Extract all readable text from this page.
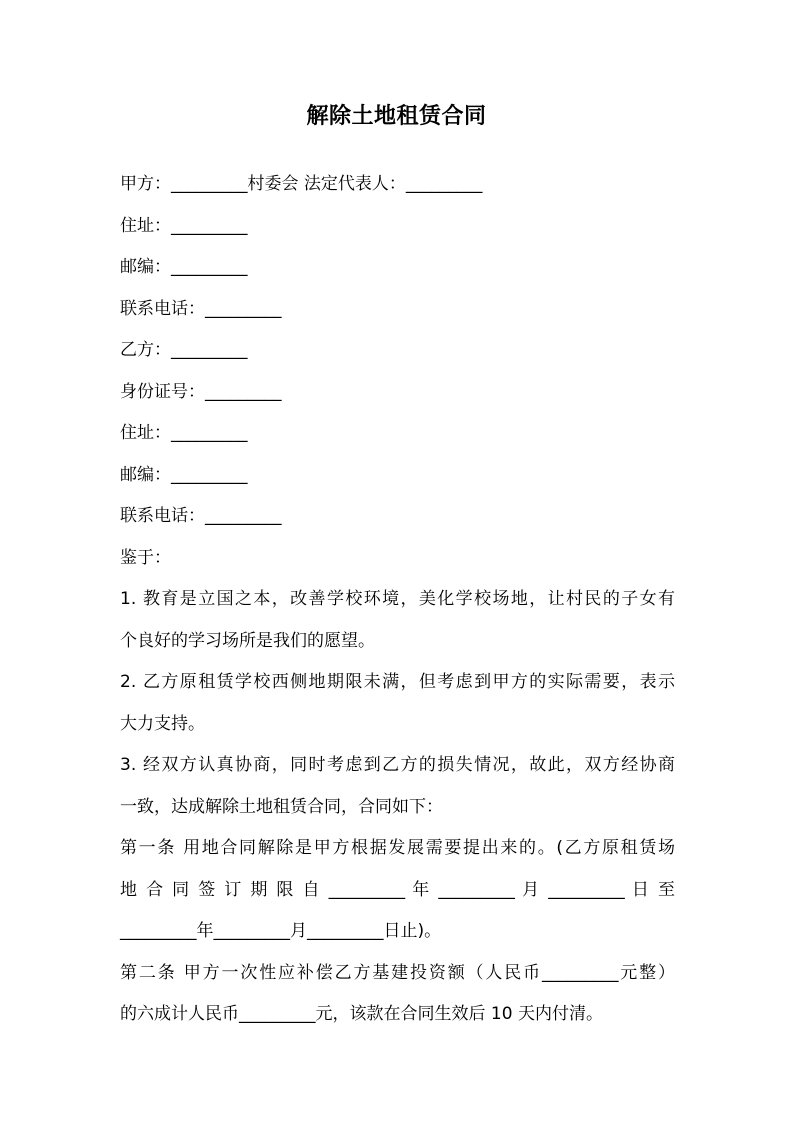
解除土地租赁合同
甲方：_________村委会 法定代表人：_________
住址：_________
邮编：_________
联系电话：_________
乙方：_________
身份证号：_________
住址：_________
邮编：_________
联系电话：_________
鉴于：
1. 教育是立国之本，改善学校环境，美化学校场地，让村民的子女有
个良好的学习场所是我们的愿望。
2. 乙方原租赁学校西侧地期限未满，但考虑到甲方的实际需要，表示
大力支持。
3. 经双方认真协商，同时考虑到乙方的损失情况，故此，双方经协商
一致，达成解除土地租赁合同，合同如下：
第一条 用地合同解除是甲方根据发展需要提出来的。(乙方原租赁场
地 合 同 签 订 期 限 自 _________ 年 _________ 月 _________ 日 至
_________年_________月_________日止)。
第二条 甲方一次性应补偿乙方基建投资额（人民币_________元整）
的六成计人民币_________元，该款在合同生效后 10 天内付清。
